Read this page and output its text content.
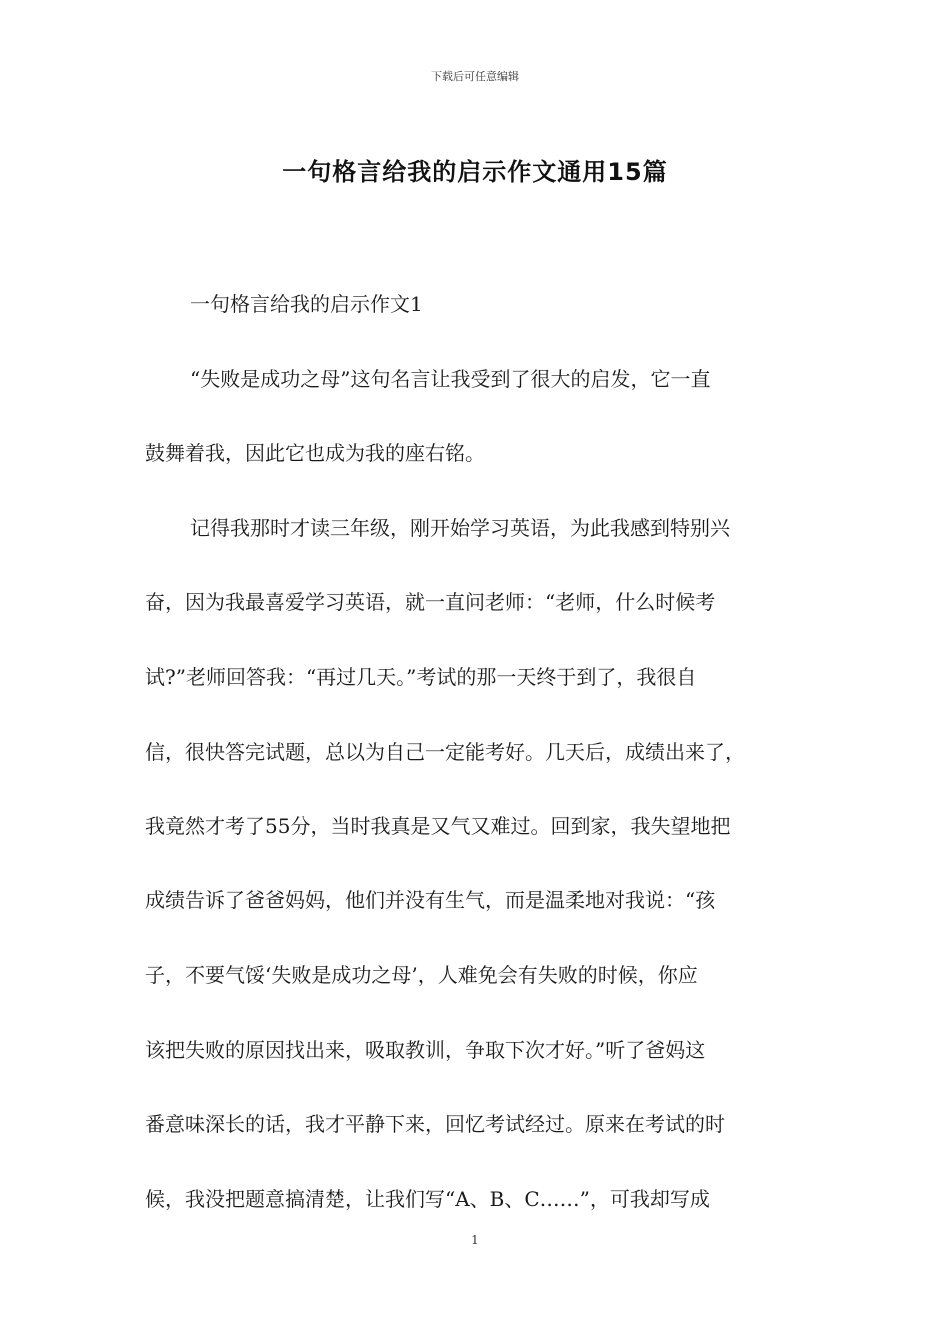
下载后可任意编辑
一句格言给我的启示作文通用15篇
一句格言给我的启示作文1
“失败是成功之母”这句名言让我受到了很大的启发，它一直
鼓舞着我，因此它也成为我的座右铭。
记得我那时才读三年级，刚开始学习英语，为此我感到特别兴
奋，因为我最喜爱学习英语，就一直问老师：“老师，什么时候考
试?”老师回答我：“再过几天。”考试的那一天终于到了，我很自
信，很快答完试题，总以为自己一定能考好。几天后，成绩出来了，
我竟然才考了55分，当时我真是又气又难过。回到家，我失望地把
成绩告诉了爸爸妈妈，他们并没有生气，而是温柔地对我说：“孩
子，不要气馁‘失败是成功之母’，人难免会有失败的时候，你应
该把失败的原因找出来，吸取教训，争取下次才好。”听了爸妈这
番意味深长的话，我才平静下来，回忆考试经过。原来在考试的时
候，我没把题意搞清楚，让我们写“A、B、C……”，可我却写成
1
